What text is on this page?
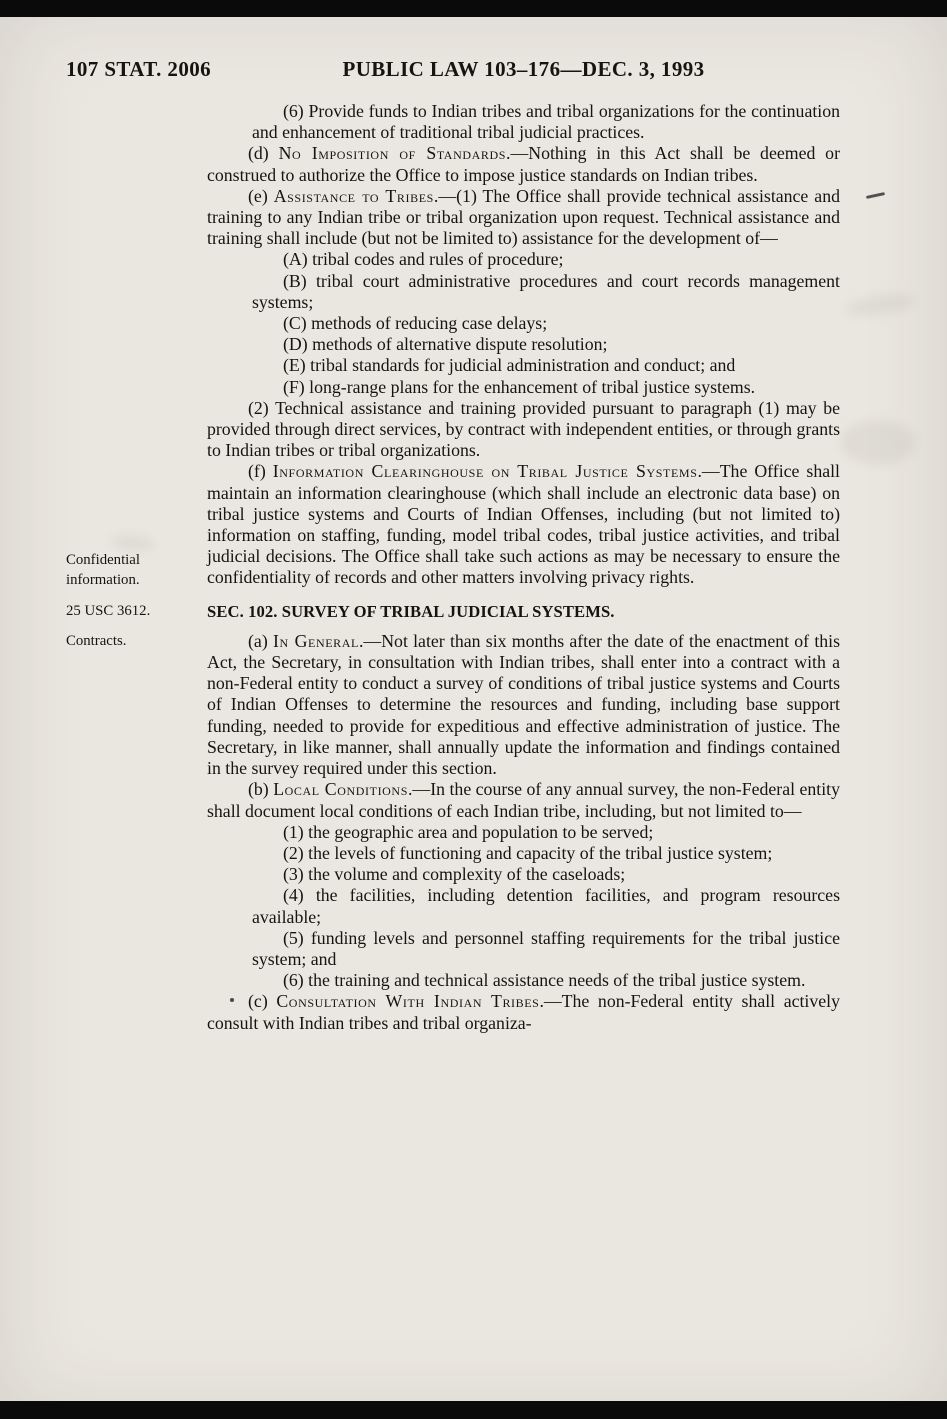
107 STAT. 2006	PUBLIC LAW 103–176—DEC. 3, 1993
Confidential information.
25 USC 3612.
Contracts.

(6) Provide funds to Indian tribes and tribal organizations for the continuation and enhancement of traditional tribal judicial practices.

(d) No Imposition of Standards.—Nothing in this Act shall be deemed or construed to authorize the Office to impose justice standards on Indian tribes.

(e) Assistance to Tribes.—(1) The Office shall provide technical assistance and training to any Indian tribe or tribal organization upon request. Technical assistance and training shall include (but not be limited to) assistance for the development of—

(A) tribal codes and rules of procedure;

(B) tribal court administrative procedures and court records management systems;

(C) methods of reducing case delays;

(D) methods of alternative dispute resolution;

(E) tribal standards for judicial administration and conduct; and

(F) long-range plans for the enhancement of tribal justice systems.

(2) Technical assistance and training provided pursuant to paragraph (1) may be provided through direct services, by contract with independent entities, or through grants to Indian tribes or tribal organizations.

(f) Information Clearinghouse on Tribal Justice Systems.—The Office shall maintain an information clearinghouse (which shall include an electronic data base) on tribal justice systems and Courts of Indian Offenses, including (but not limited to) information on staffing, funding, model tribal codes, tribal justice activities, and tribal judicial decisions. The Office shall take such actions as may be necessary to ensure the confidentiality of records and other matters involving privacy rights.

SEC. 102. SURVEY OF TRIBAL JUDICIAL SYSTEMS.

(a) In General.—Not later than six months after the date of the enactment of this Act, the Secretary, in consultation with Indian tribes, shall enter into a contract with a non-Federal entity to conduct a survey of conditions of tribal justice systems and Courts of Indian Offenses to determine the resources and funding, including base support funding, needed to provide for expeditious and effective administration of justice. The Secretary, in like manner, shall annually update the information and findings contained in the survey required under this section.

(b) Local Conditions.—In the course of any annual survey, the non-Federal entity shall document local conditions of each Indian tribe, including, but not limited to—

(1) the geographic area and population to be served;

(2) the levels of functioning and capacity of the tribal justice system;

(3) the volume and complexity of the caseloads;

(4) the facilities, including detention facilities, and program resources available;

(5) funding levels and personnel staffing requirements for the tribal justice system; and

(6) the training and technical assistance needs of the tribal justice system.

(c) Consultation With Indian Tribes.—The non-Federal entity shall actively consult with Indian tribes and tribal organiza-
